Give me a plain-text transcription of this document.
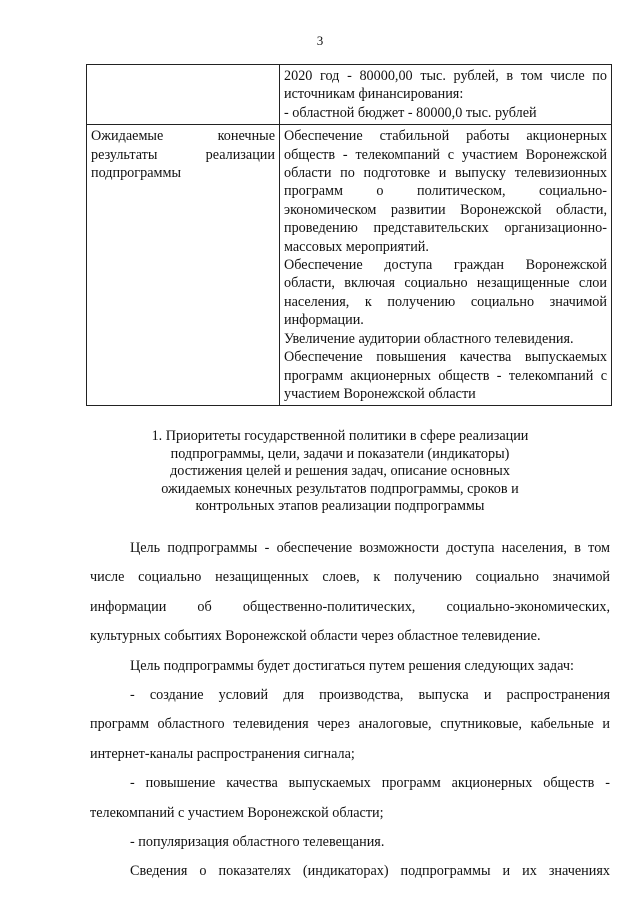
3

	2020 год - 80000,00 тыс. рублей, в том числе по источникам финансирования:
- областной бюджет - 80000,0 тыс. рублей

Ожидаемые конечные результаты реализации подпрограммы	Обеспечение стабильной работы акционерных обществ - телекомпаний с участием Воронежской области по подготовке и выпуску телевизионных программ о политическом, социально-экономическом развитии Воронежской области, проведению представительских организационно-массовых мероприятий.
Обеспечение доступа граждан Воронежской области, включая социально незащищенные слои населения, к получению социально значимой информации.
Увеличение аудитории областного телевидения.
Обеспечение повышения качества выпускаемых программ акционерных обществ - телекомпаний с участием Воронежской области
1. Приоритеты государственной политики в сфере реализации
подпрограммы, цели, задачи и показатели (индикаторы)
достижения целей и решения задач, описание основных
ожидаемых конечных результатов подпрограммы, сроков и
контрольных этапов реализации подпрограммы

Цель подпрограммы - обеспечение возможности доступа населения, в том

числе социально незащищенных слоев, к получению социально значимой

информации об общественно-политических, социально-экономических,

культурных событиях Воронежской области через областное телевидение.

Цель подпрограммы будет достигаться путем решения следующих задач:

- создание условий для производства, выпуска и распространения

программ областного телевидения через аналоговые, спутниковые, кабельные и

интернет-каналы распространения сигнала;

- повышение качества выпускаемых программ акционерных обществ -

телекомпаний с участием Воронежской области;

- популяризация областного телевещания.

Сведения о показателях (индикаторах) подпрограммы и их значениях
